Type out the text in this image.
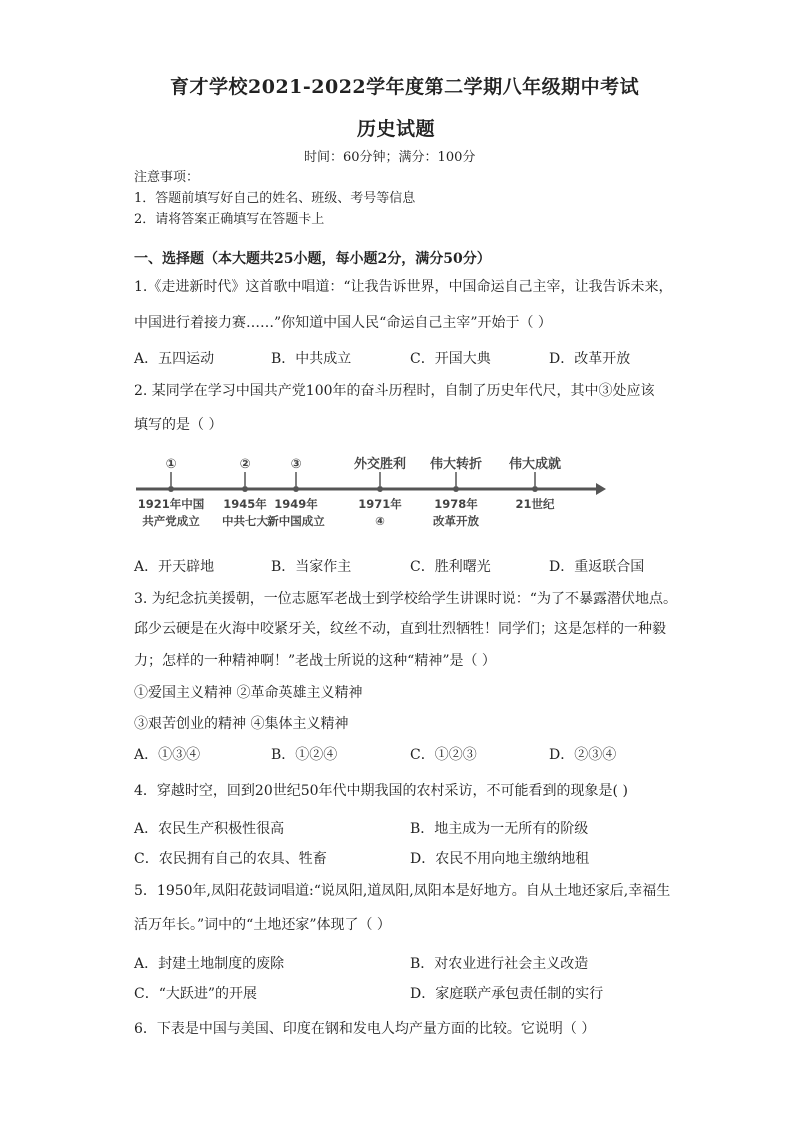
育才学校2021-2022学年度第二学期八年级期中考试
历史试题
时间：60分钟；满分：100分
注意事项：
1．答题前填写好自己的姓名、班级、考号等信息
2．请将答案正确填写在答题卡上
一、选择题（本大题共25小题，每小题2分，满分50分）
1.《走进新时代》这首歌中唱道：“让我告诉世界，中国命运自己主宰，让我告诉未来，
中国进行着接力赛……”你知道中国人民“命运自己主宰”开始于（ ）
A．五四运动	B．中共成立	C．开国大典	D．改革开放
2. 某同学在学习中国共产党100年的奋斗历程时，自制了历史年代尺，其中③处应该
填写的是（ ）
①	②	③	外交胜利 伟大转折 伟大成就
1921年中国
共产党成立
1945年
中共七大
1949年
新中国成立
1971年
④
1978年
改革开放
21世纪
A．开天辟地	B．当家作主	C．胜利曙光	D．重返联合国
3. 为纪念抗美援朝，一位志愿军老战士到学校给学生讲课时说：“为了不暴露潜伏地点。
邱少云硬是在火海中咬紧牙关，纹丝不动，直到壮烈牺牲！同学们；这是怎样的一种毅
力；怎样的一种精神啊！”老战士所说的这种“精神”是（ ）
①爱国主义精神 ②革命英雄主义精神
③艰苦创业的精神 ④集体主义精神
A．①③④	B．①②④	C．①②③	D．②③④
4．穿越时空，回到20世纪50年代中期我国的农村采访，不可能看到的现象是( )
A．农民生产积极性很高	B．地主成为一无所有的阶级
C．农民拥有自己的农具、牲畜	D．农民不用向地主缴纳地租
5．1950年,凤阳花鼓词唱道:“说凤阳,道凤阳,凤阳本是好地方。自从土地还家后,幸福生
活万年长。”词中的“土地还家”体现了（ ）
A．封建土地制度的废除	B．对农业进行社会主义改造
C．“大跃进”的开展	D．家庭联产承包责任制的实行
6．下表是中国与美国、印度在钢和发电人均产量方面的比较。它说明（ ）
